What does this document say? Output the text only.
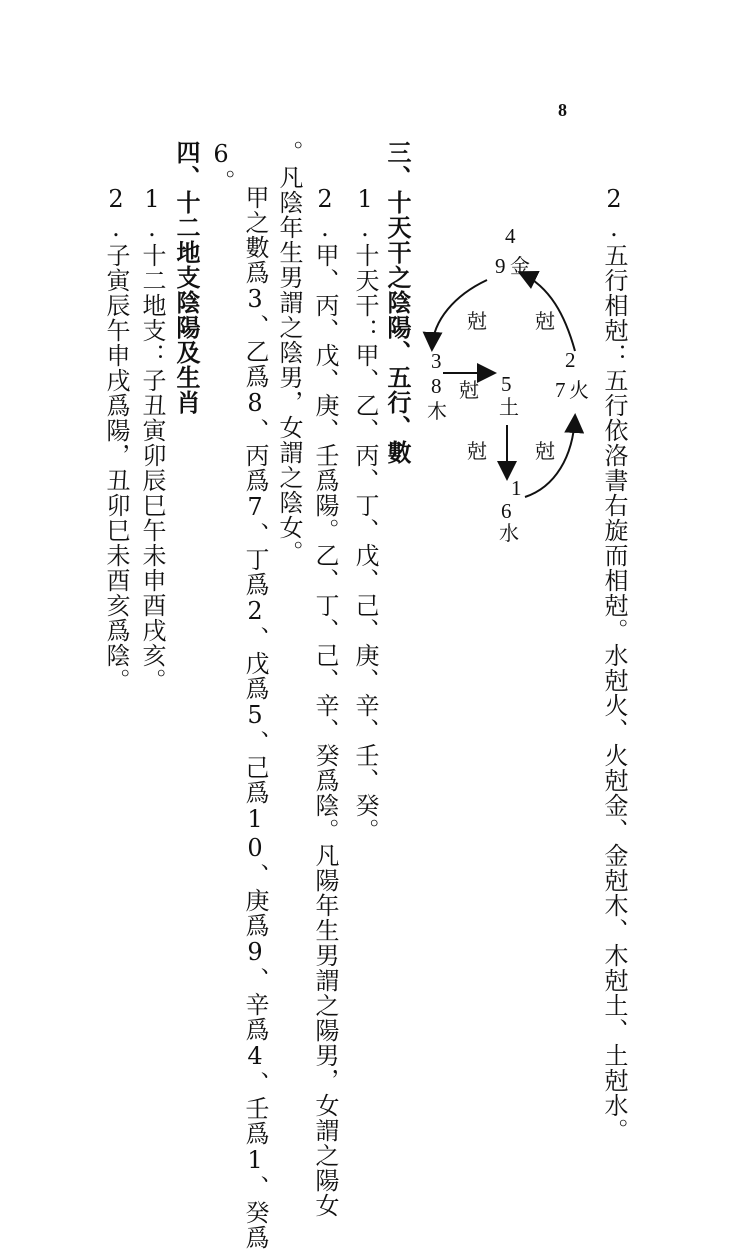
8
2.五行相尅：五行依洛書右旋而相尅。水尅火、火尅金、金尅木、木尅土、土尅水。
4
9 金
2
7 火
3
8
木
5
土
1
6
水
尅 尅
尅
尅 尅
三、十天干之陰陽、五行、數
1.十天干：甲、乙、丙、丁、戊、己、庚、辛、壬、癸。
2.甲、丙、戊、庚、壬爲陽。乙、丁、己、辛、癸爲陰。凡陽年生男謂之陽男，女謂之陽女
。凡陰年生男謂之陰男，女謂之陰女。
甲之數爲3、乙爲8、丙爲7、丁爲2、戊爲5、己爲10、庚爲9、辛爲4、壬爲1、癸爲
6。
四、十二地支陰陽及生肖
1.十二地支：子丑寅卯辰巳午未申酉戌亥。
2.子寅辰午申戌爲陽，丑卯巳未酉亥爲陰。
